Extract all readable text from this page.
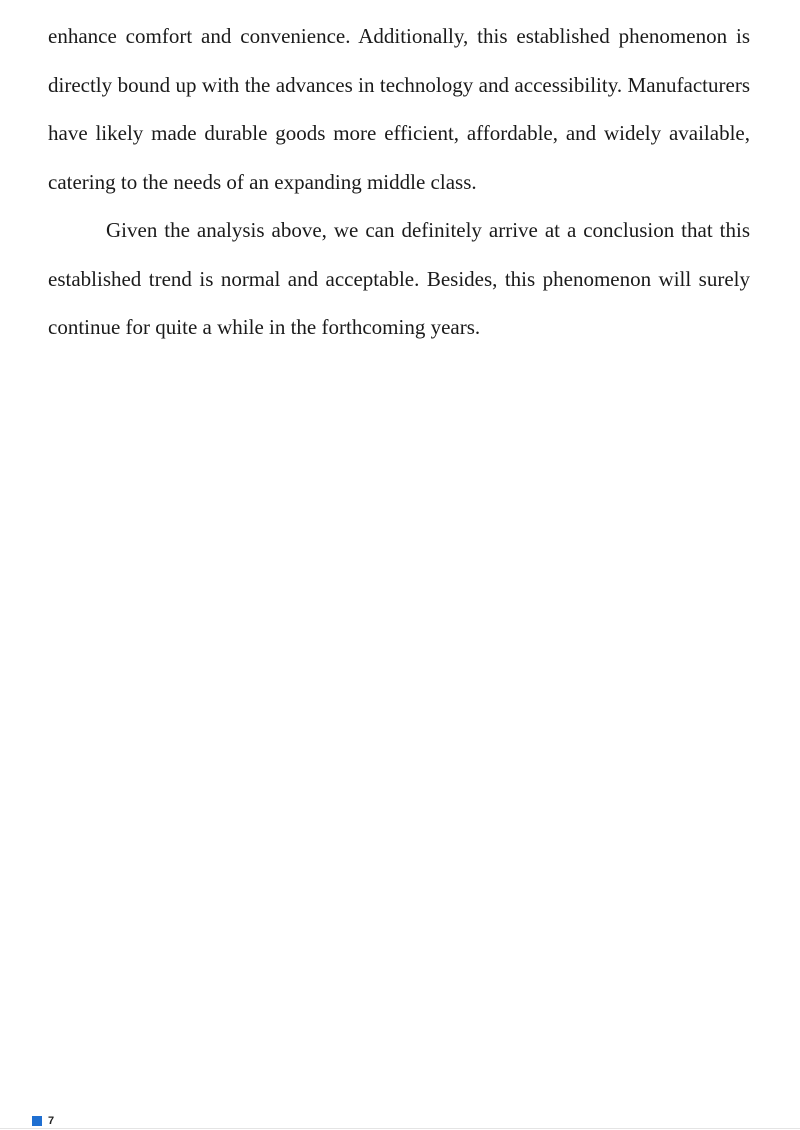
enhance comfort and convenience. Additionally, this established phenomenon is directly bound up with the advances in technology and accessibility. Manufacturers have likely made durable goods more efficient, affordable, and widely available, catering to the needs of an expanding middle class.

Given the analysis above, we can definitely arrive at a conclusion that this established trend is normal and acceptable. Besides, this phenomenon will surely continue for quite a while in the forthcoming years.

7
